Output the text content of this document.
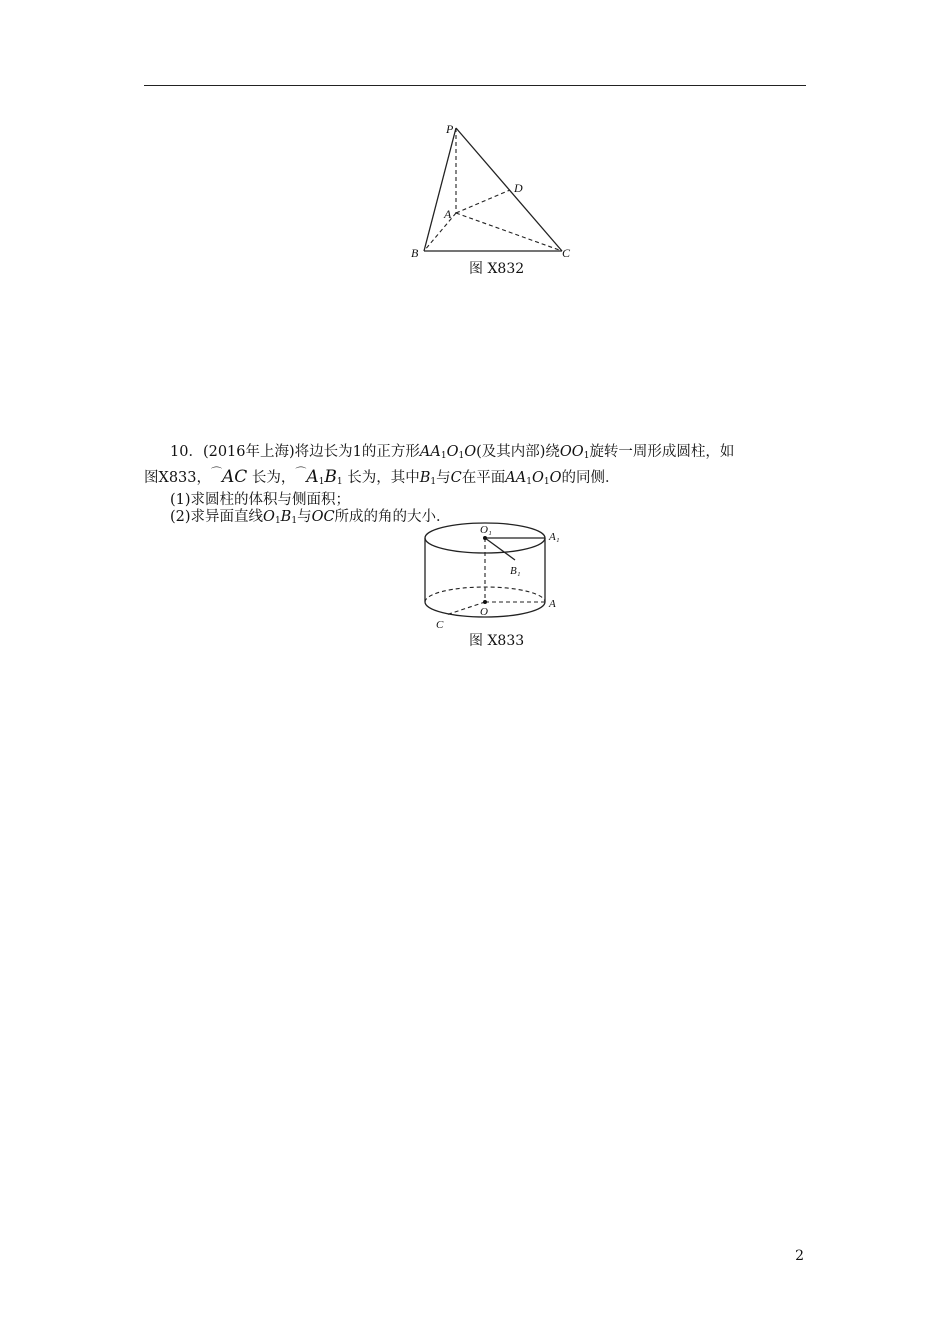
P
A
B	C
D
图 X832
10．(2016年上海)将边长为1的正方形$AA_1O_1O$(及其内部)绕$OO_1$旋转一周形成圆柱，如
图X833，⌒AC 长为，$^⌒A_1B_1$ 长为，其中$B_1$与C在平面$AA_1O_1O$的同侧．
(1)求圆柱的体积与侧面积；
(2)求异面直线$O_1B_1$与OC所成的角的大小．
O₁
A₁
B₁
O
A
C
图 X833
2
